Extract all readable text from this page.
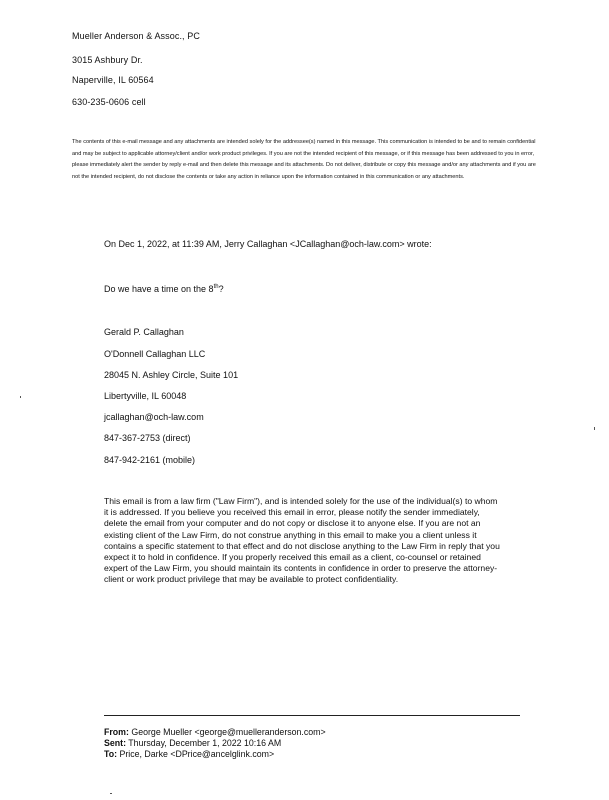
Mueller Anderson & Assoc., PC
3015 Ashbury Dr.
Naperville, IL 60564
630-235-0606 cell

The contents of this e-mail message and any attachments are intended solely for the addressee(s) named in this message. This communication is intended to be and to remain confidential and may be subject to applicable attorney/client and/or work product privileges. If you are not the intended recipient of this message, or if this message has been addressed to you in error, please immediately alert the sender by reply e-mail and then delete this message and its attachments. Do not deliver, distribute or copy this message and/or any attachments and if you are not the intended recipient, do not disclose the contents or take any action in reliance upon the information contained in this communication or any attachments.

On Dec 1, 2022, at 11:39 AM, Jerry Callaghan <JCallaghan@och-law.com> wrote:
Do we have a time on the 8th?
Gerald P. Callaghan
O'Donnell Callaghan LLC
28045 N. Ashley Circle, Suite 101
Libertyville, IL 60048
jcallaghan@och-law.com
847-367-2753 (direct)
847-942-2161 (mobile)

This email is from a law firm ("Law Firm"), and is intended solely for the use of the individual(s) to whom it is addressed. If you believe you received this email in error, please notify the sender immediately, delete the email from your computer and do not copy or disclose it to anyone else. If you are not an existing client of the Law Firm, do not construe anything in this email to make you a client unless it contains a specific statement to that effect and do not disclose anything to the Law Firm in reply that you expect it to hold in confidence. If you properly received this email as a client, co-counsel or retained expert of the Law Firm, you should maintain its contents in confidence in order to preserve the attorney-client or work product privilege that may be available to protect confidentiality.

From: George Mueller <george@muelleranderson.com>
Sent: Thursday, December 1, 2022 10:16 AM
To: Price, Darke <DPrice@ancelglink.com>
